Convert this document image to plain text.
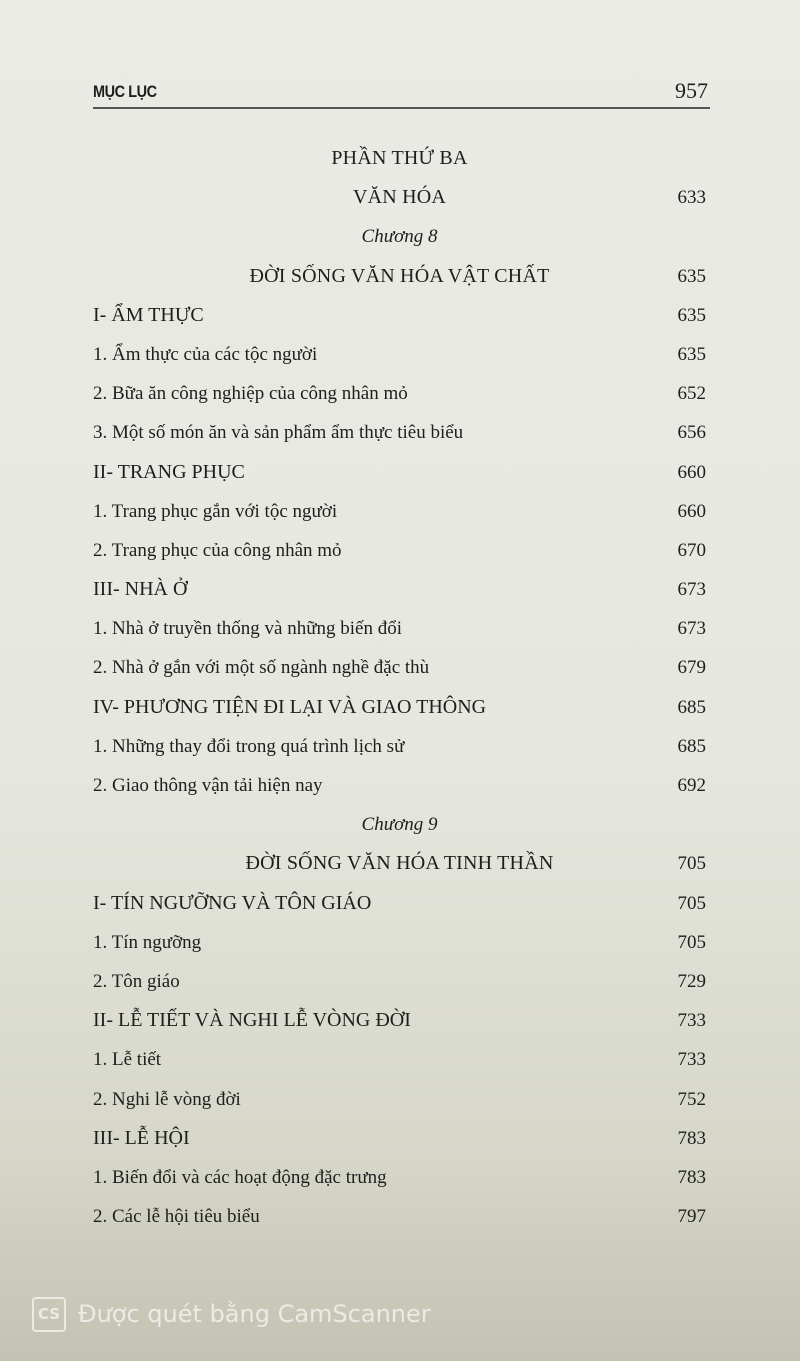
MỤC LỤC	957
PHẦN THỨ BA
VĂN HÓA	633
Chương 8
ĐỜI SỐNG VĂN HÓA VẬT CHẤT	635
I- ẨM THỰC	635
1. Ẩm thực của các tộc người	635
2. Bữa ăn công nghiệp của công nhân mỏ	652
3. Một số món ăn và sản phẩm ẩm thực tiêu biểu	656
II- TRANG PHỤC	660
1. Trang phục gắn với tộc người	660
2. Trang phục của công nhân mỏ	670
III- NHÀ Ở	673
1. Nhà ở truyền thống và những biến đổi	673
2. Nhà ở gắn với một số ngành nghề đặc thù	679
IV- PHƯƠNG TIỆN ĐI LẠI VÀ GIAO THÔNG	685
1. Những thay đổi trong quá trình lịch sử	685
2. Giao thông vận tải hiện nay	692
Chương 9
ĐỜI SỐNG VĂN HÓA TINH THẦN	705
I- TÍN NGƯỠNG VÀ TÔN GIÁO	705
1. Tín ngưỡng	705
2. Tôn giáo	729
II- LỄ TIẾT VÀ NGHI LỄ VÒNG ĐỜI	733
1. Lễ tiết	733
2. Nghi lễ vòng đời	752
III- LỄ HỘI	783
1. Biến đổi và các hoạt động đặc trưng	783
2. Các lễ hội tiêu biểu	797
CS Được quét bằng CamScanner
